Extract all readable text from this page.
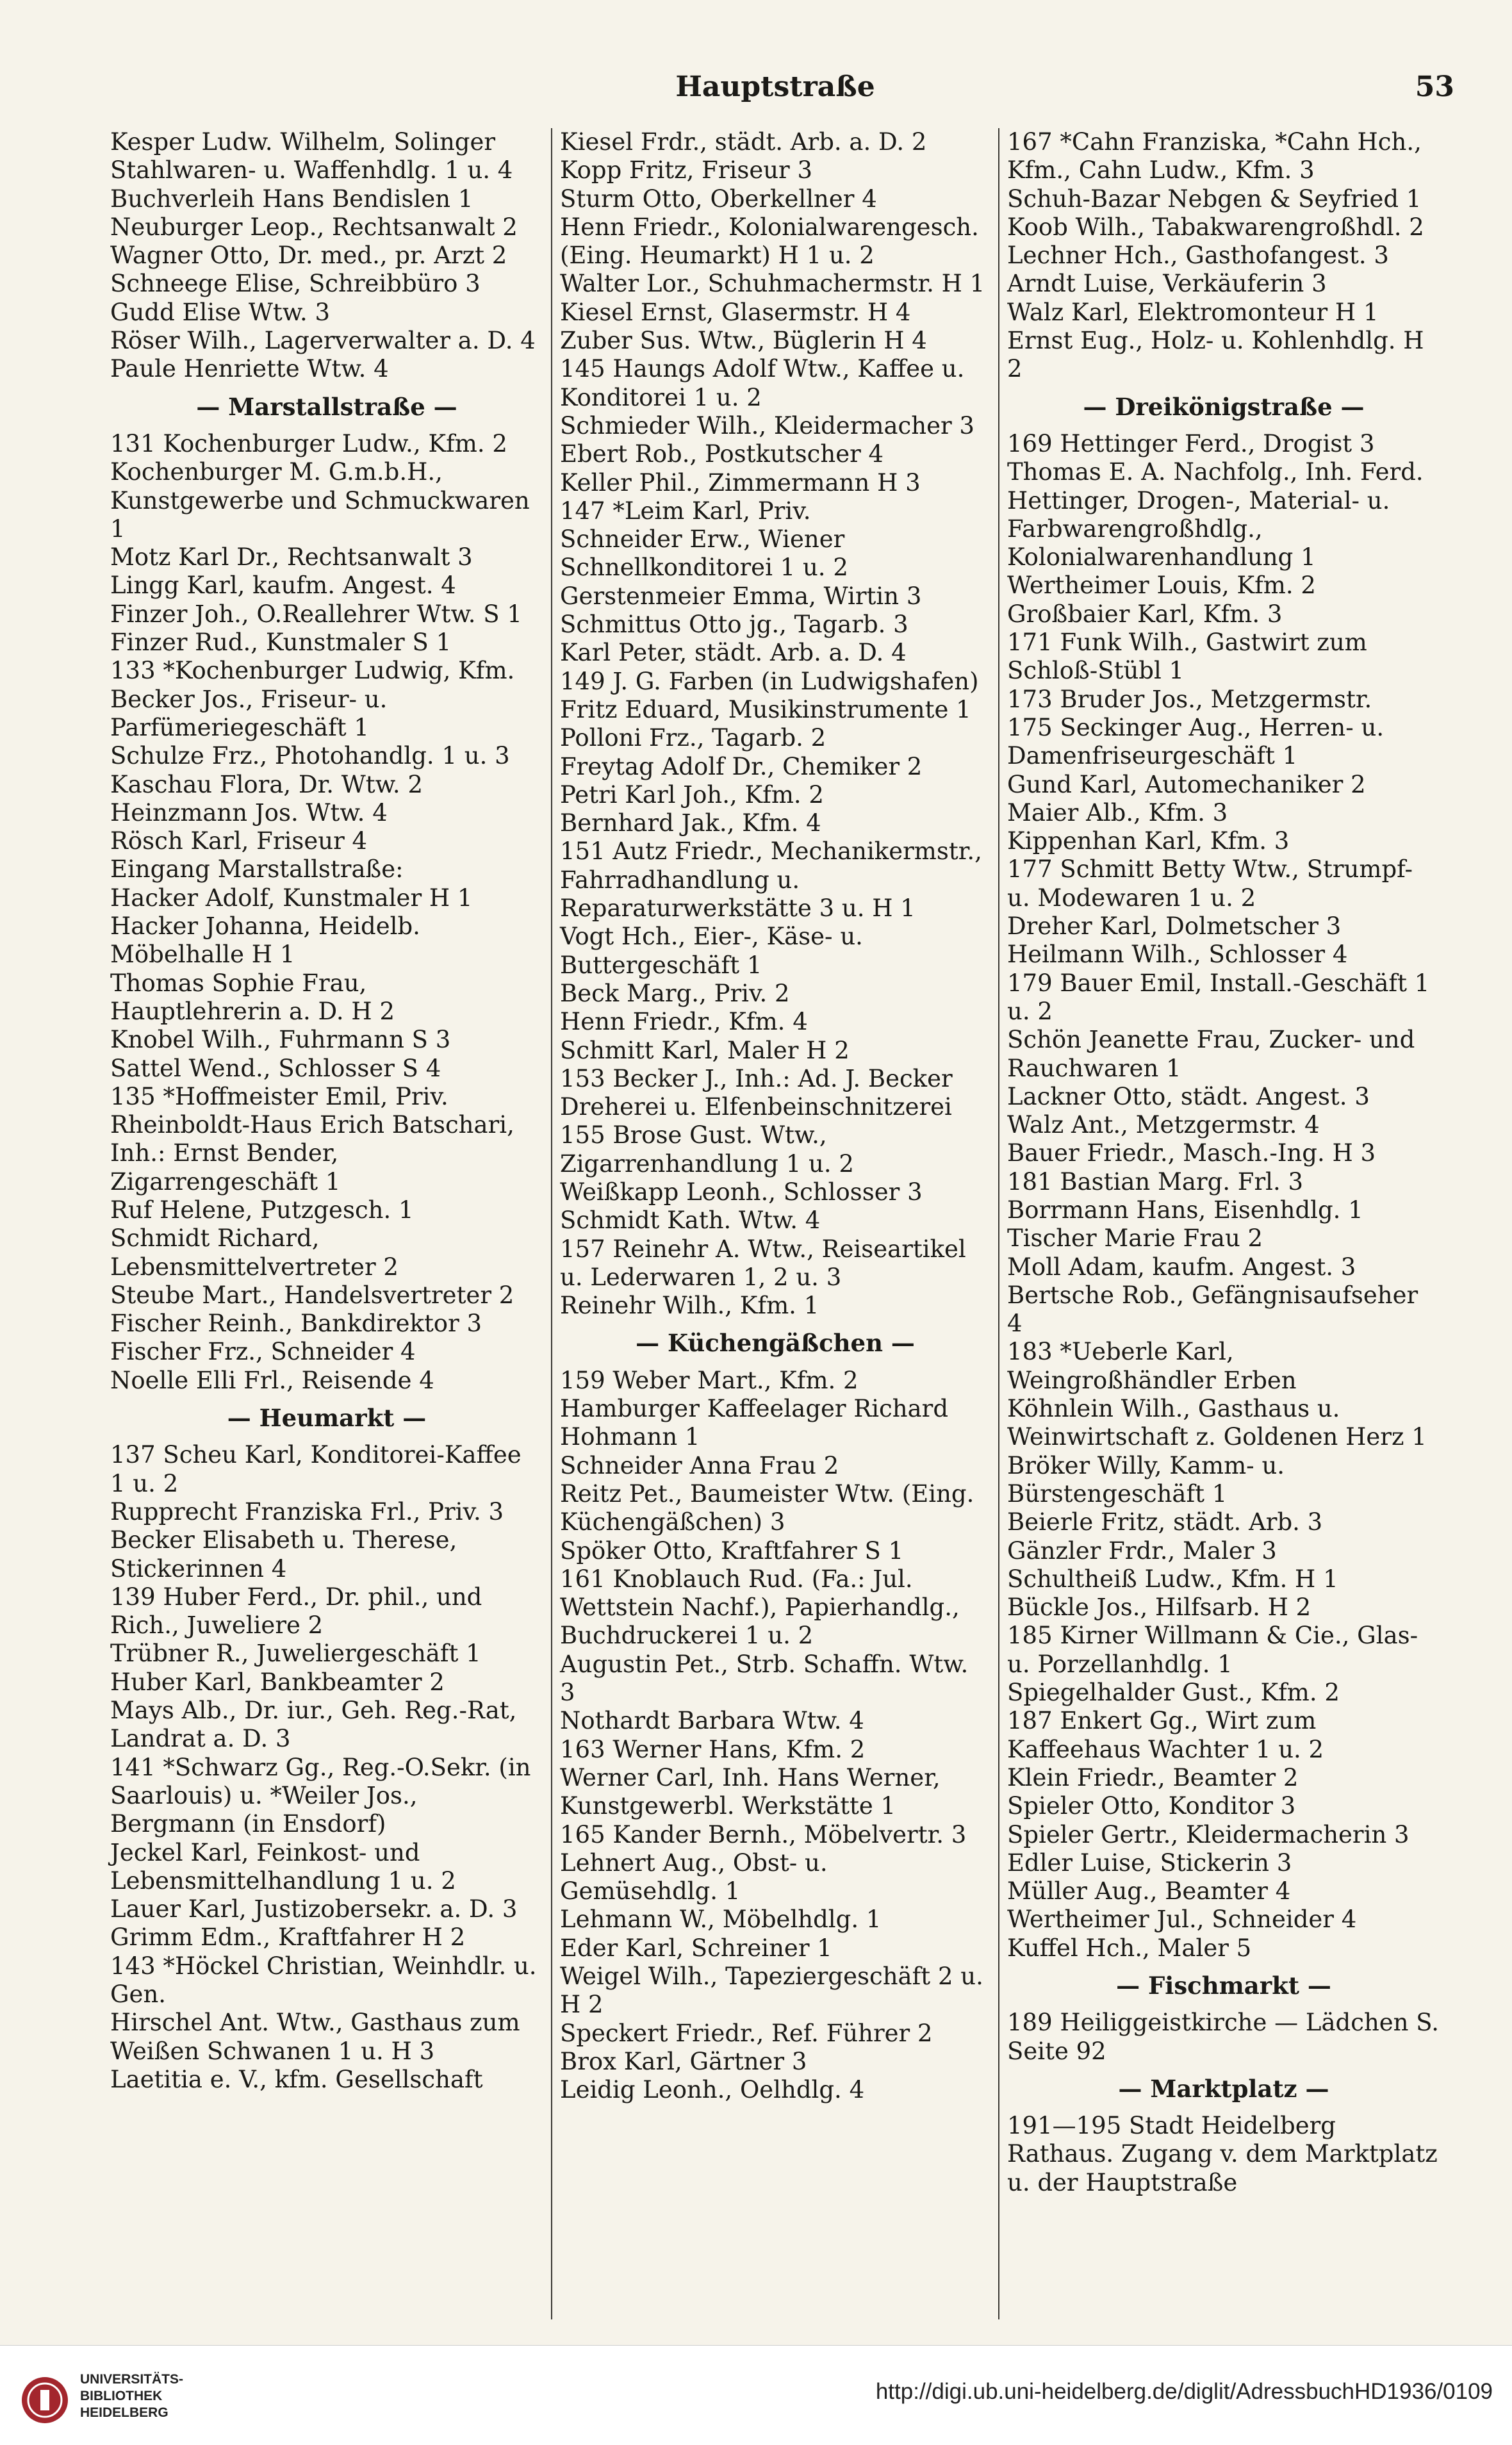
Hauptstraße	53

Kesper Ludw. Wilhelm, Solinger Stahlwaren- u. Waffenhdlg. 1 u. 4

Buchverleih Hans Bendislen 1

Neuburger Leop., Rechtsanwalt 2

Wagner Otto, Dr. med., pr. Arzt 2

Schneege Elise, Schreibbüro 3

Gudd Elise Wtw. 3

Röser Wilh., Lagerverwalter a. D. 4

Paule Henriette Wtw. 4

— Marstallstraße —

131 Kochenburger Ludw., Kfm. 2

Kochenburger M. G.m.b.H., Kunstgewerbe und Schmuckwaren 1

Motz Karl Dr., Rechtsanwalt 3

Lingg Karl, kaufm. Angest. 4

Finzer Joh., O.Reallehrer Wtw. S 1

Finzer Rud., Kunstmaler S 1

133 *Kochenburger Ludwig, Kfm.

Becker Jos., Friseur- u. Parfümeriegeschäft 1

Schulze Frz., Photohandlg. 1 u. 3

Kaschau Flora, Dr. Wtw. 2

Heinzmann Jos. Wtw. 4

Rösch Karl, Friseur 4

Eingang Marstallstraße:

Hacker Adolf, Kunstmaler H 1

Hacker Johanna, Heidelb. Möbelhalle H 1

Thomas Sophie Frau, Hauptlehrerin a. D. H 2

Knobel Wilh., Fuhrmann S 3

Sattel Wend., Schlosser S 4

135 *Hoffmeister Emil, Priv.

Rheinboldt-Haus Erich Batschari, Inh.: Ernst Bender, Zigarrengeschäft 1

Ruf Helene, Putzgesch. 1

Schmidt Richard, Lebensmittelvertreter 2

Steube Mart., Handelsvertreter 2

Fischer Reinh., Bankdirektor 3

Fischer Frz., Schneider 4

Noelle Elli Frl., Reisende 4

— Heumarkt —

137 Scheu Karl, Konditorei-Kaffee 1 u. 2

Rupprecht Franziska Frl., Priv. 3

Becker Elisabeth u. Therese, Stickerinnen 4

139 Huber Ferd., Dr. phil., und Rich., Juweliere 2

Trübner R., Juweliergeschäft 1

Huber Karl, Bankbeamter 2

Mays Alb., Dr. iur., Geh. Reg.-Rat, Landrat a. D. 3

141 *Schwarz Gg., Reg.-O.Sekr. (in Saarlouis) u. *Weiler Jos., Bergmann (in Ensdorf)

Jeckel Karl, Feinkost- und Lebensmittelhandlung 1 u. 2

Lauer Karl, Justizobersekr. a. D. 3

Grimm Edm., Kraftfahrer H 2

143 *Höckel Christian, Weinhdlr. u. Gen.

Hirschel Ant. Wtw., Gasthaus zum Weißen Schwanen 1 u. H 3

Laetitia e. V., kfm. Gesellschaft

Kiesel Frdr., städt. Arb. a. D. 2

Kopp Fritz, Friseur 3

Sturm Otto, Oberkellner 4

Henn Friedr., Kolonialwarengesch. (Eing. Heumarkt) H 1 u. 2

Walter Lor., Schuhmachermstr. H 1

Kiesel Ernst, Glasermstr. H 4

Zuber Sus. Wtw., Büglerin H 4

145 Haungs Adolf Wtw., Kaffee u. Konditorei 1 u. 2

Schmieder Wilh., Kleidermacher 3

Ebert Rob., Postkutscher 4

Keller Phil., Zimmermann H 3

147 *Leim Karl, Priv.

Schneider Erw., Wiener Schnellkonditorei 1 u. 2

Gerstenmeier Emma, Wirtin 3

Schmittus Otto jg., Tagarb. 3

Karl Peter, städt. Arb. a. D. 4

149 J. G. Farben (in Ludwigshafen)

Fritz Eduard, Musikinstrumente 1

Polloni Frz., Tagarb. 2

Freytag Adolf Dr., Chemiker 2

Petri Karl Joh., Kfm. 2

Bernhard Jak., Kfm. 4

151 Autz Friedr., Mechanikermstr., Fahrradhandlung u. Reparaturwerkstätte 3 u. H 1

Vogt Hch., Eier-, Käse- u. Buttergeschäft 1

Beck Marg., Priv. 2

Henn Friedr., Kfm. 4

Schmitt Karl, Maler H 2

153 Becker J., Inh.: Ad. J. Becker Dreherei u. Elfenbeinschnitzerei

155 Brose Gust. Wtw., Zigarrenhandlung 1 u. 2

Weißkapp Leonh., Schlosser 3

Schmidt Kath. Wtw. 4

157 Reinehr A. Wtw., Reiseartikel u. Lederwaren 1, 2 u. 3

Reinehr Wilh., Kfm. 1

— Küchengäßchen —

159 Weber Mart., Kfm. 2

Hamburger Kaffeelager Richard Hohmann 1

Schneider Anna Frau 2

Reitz Pet., Baumeister Wtw. (Eing. Küchengäßchen) 3

Spöker Otto, Kraftfahrer S 1

161 Knoblauch Rud. (Fa.: Jul. Wettstein Nachf.), Papierhandlg., Buchdruckerei 1 u. 2

Augustin Pet., Strb. Schaffn. Wtw. 3

Nothardt Barbara Wtw. 4

163 Werner Hans, Kfm. 2

Werner Carl, Inh. Hans Werner, Kunstgewerbl. Werkstätte 1

165 Kander Bernh., Möbelvertr. 3

Lehnert Aug., Obst- u. Gemüsehdlg. 1

Lehmann W., Möbelhdlg. 1

Eder Karl, Schreiner 1

Weigel Wilh., Tapeziergeschäft 2 u. H 2

Speckert Friedr., Ref. Führer 2

Brox Karl, Gärtner 3

Leidig Leonh., Oelhdlg. 4

167 *Cahn Franziska, *Cahn Hch., Kfm., Cahn Ludw., Kfm. 3

Schuh-Bazar Nebgen & Seyfried 1

Koob Wilh., Tabakwarengroßhdl. 2

Lechner Hch., Gasthofangest. 3

Arndt Luise, Verkäuferin 3

Walz Karl, Elektromonteur H 1

Ernst Eug., Holz- u. Kohlenhdlg. H 2

— Dreikönigstraße —

169 Hettinger Ferd., Drogist 3

Thomas E. A. Nachfolg., Inh. Ferd. Hettinger, Drogen-, Material- u. Farbwarengroßhdlg., Kolonialwarenhandlung 1

Wertheimer Louis, Kfm. 2

Großbaier Karl, Kfm. 3

171 Funk Wilh., Gastwirt zum Schloß-Stübl 1

173 Bruder Jos., Metzgermstr.

175 Seckinger Aug., Herren- u. Damenfriseurgeschäft 1

Gund Karl, Automechaniker 2

Maier Alb., Kfm. 3

Kippenhan Karl, Kfm. 3

177 Schmitt Betty Wtw., Strumpf- u. Modewaren 1 u. 2

Dreher Karl, Dolmetscher 3

Heilmann Wilh., Schlosser 4

179 Bauer Emil, Install.-Geschäft 1 u. 2

Schön Jeanette Frau, Zucker- und Rauchwaren 1

Lackner Otto, städt. Angest. 3

Walz Ant., Metzgermstr. 4

Bauer Friedr., Masch.-Ing. H 3

181 Bastian Marg. Frl. 3

Borrmann Hans, Eisenhdlg. 1

Tischer Marie Frau 2

Moll Adam, kaufm. Angest. 3

Bertsche Rob., Gefängnisaufseher 4

183 *Ueberle Karl, Weingroßhändler Erben

Köhnlein Wilh., Gasthaus u. Weinwirtschaft z. Goldenen Herz 1

Bröker Willy, Kamm- u. Bürstengeschäft 1

Beierle Fritz, städt. Arb. 3

Gänzler Frdr., Maler 3

Schultheiß Ludw., Kfm. H 1

Bückle Jos., Hilfsarb. H 2

185 Kirner Willmann & Cie., Glas- u. Porzellanhdlg. 1

Spiegelhalder Gust., Kfm. 2

187 Enkert Gg., Wirt zum Kaffeehaus Wachter 1 u. 2

Klein Friedr., Beamter 2

Spieler Otto, Konditor 3

Spieler Gertr., Kleidermacherin 3

Edler Luise, Stickerin 3

Müller Aug., Beamter 4

Wertheimer Jul., Schneider 4

Kuffel Hch., Maler 5

— Fischmarkt —

189 Heiliggeistkirche — Lädchen S. Seite 92

— Marktplatz —

191—195 Stadt Heidelberg Rathaus. Zugang v. dem Marktplatz u. der Hauptstraße

UNIVERSITÄTS-
BIBLIOTHEK
HEIDELBERG
http://digi.ub.uni-heidelberg.de/diglit/AdressbuchHD1936/0109
